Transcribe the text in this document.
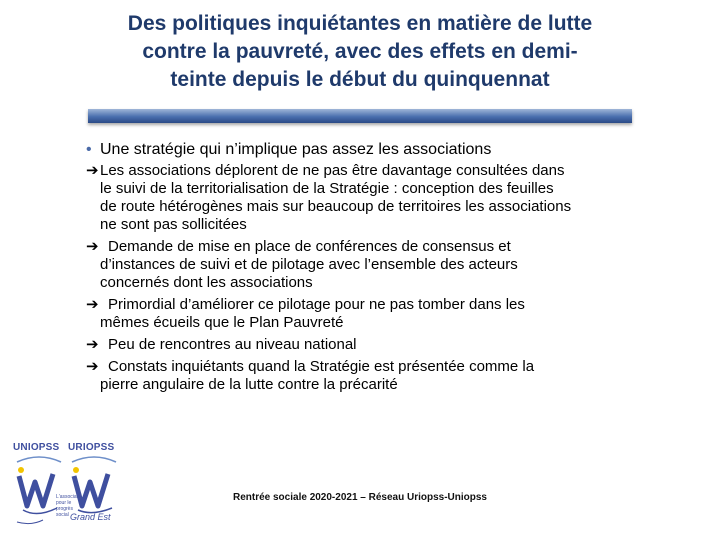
Des politiques inquiétantes en matière de lutte
contre la pauvreté, avec des effets en demi-
teinte depuis le début du quinquennat
• Une stratégie qui n’implique pas assez les associations
➔Les associations déplorent de ne pas être davantage consultées dans
le suivi de la territorialisation de la Stratégie : conception des feuilles
de route hétérogènes mais sur beaucoup de territoires les associations
ne sont pas sollicitées
➔ Demande de mise en place de conférences de consensus et
d’instances de suivi et de pilotage avec l’ensemble des acteurs
concernés dont les associations
➔ Primordial d’améliorer ce pilotage pour ne pas tomber dans les
mêmes écueils que le Plan Pauvreté
➔ Peu de rencontres au niveau national
➔ Constats inquiétants quand la Stratégie est présentée comme la
pierre angulaire de la lutte contre la précarité
UNIOPSS
L'associatif pour le progrès social
URIOPSS
Grand Est
Rentrée sociale 2020-2021 – Réseau Uriopss-Uniopss
